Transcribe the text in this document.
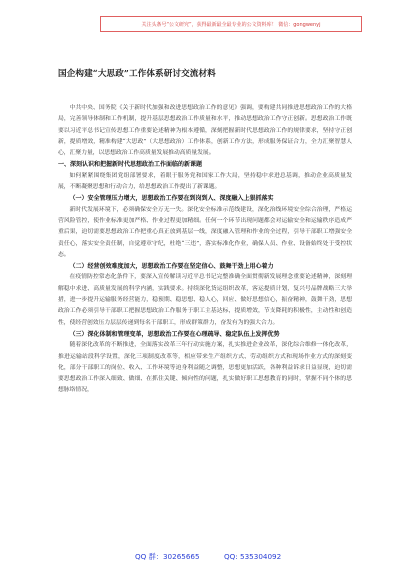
关注头条号“公文研究”，获得最新最全最专业的公文资料库！ 微信：gongwenyj
国企构建“大思政”工作体系研讨交流材料

中共中央、国务院《关于新时代加强和改进思想政治工作的意见》强调，要构建共同推进思想政治工作的大格局，完善领导体制和工作机制，提升基层思想政治工作质量和水平，推动思想政治工作守正创新。思想政治工作既要以习近平总书记宣传思想工作重要论述精神为根本遵循，深刻把握新时代思想政治工作的规律要求，坚持守正创新，提质增效，精准构建“大思政”（大思想政治）工作体系，创新工作方法，形成服务保证合力，全力汇聚智慧人心，汇聚力量，以思想政治工作高质量发展推动高质量发展。

一、深刻认识和把握新时代思想政治工作面临的新课题

如何紧紧围绕集团党组部署要求，着眼于服务党和国家工作大局，坚持稳中求进总基调，推动企业高质量发展，不断凝聚思想和行动合力，给思想政治工作提出了新课题。

（一）安全管理压力增大，思想政治工作要在到岗到人、深度融入上狠抓落实

新时代发展环境下，必须确保安全万无一失。深化安全标准示范线建设，深化治线环境安全综合治理，严格运营风险管控，使作业标准更加严格、作业过程更加精细。任何一个环节出现问题都会对运输安全和运输秩序造成严重后果，迫切需要思想政治工作把重心真正放到基层一线，深度融入管理和作业的全过程，引导干部职工增强安全责任心，落实安全责任制，自觉遵章守纪，杜绝“三违”，落实标准化作业，确保人员、作业、设备始终处于受控状态。

（二）经营创效难度加大，思想政治工作要在坚定信心、鼓舞干劲上用心着力

在疫情防控常态化条件下，要深入宣传解读习近平总书记完整准确全面贯彻新发展理念重要论述精神，深刻理解稳中求进、高质量发展的科学内涵，实践要求。持续深化货运组织改革，客运提质计划，复兴号品牌战略三大举措，进一步提升运输服务经营能力，稳预期、稳思想、稳人心，回应、做好思想信心，振奋精神，鼓舞干劲，思想政治工作必须引导干部职工把握思想政治工作服务于职工主基达标，提质增效，节支降耗的积极性，主动性和创造性，使经营创效压力层层传递到每名干部职工，形成群策群力，奋发有为的强大合力。

（三）深化体制和管理变革，思想政治工作要在心理疏导、稳定队伍上发挥优势

随着深化改革的不断推进，全面落实改革三年行动实施方案，扎实推进企业改革，深化综合维修一体化改革，推进运输站段科学设置，深化三项制度改革等，相应带来生产组织方式、劳动组织方式和现场作业方式的深刻变化，部分干部职工的岗位、收入、工作环境等迫身利益随之调整，思想更加活跃，各种利益诉求日益显现，迫切需要思想政治工作深入细致、做细、在抓住关键、倾向性的问题，扎实做好职工思想教育的同时，掌握不同个体的思想脉络情况，

QQ 群：30265665	QQ: 535304092
